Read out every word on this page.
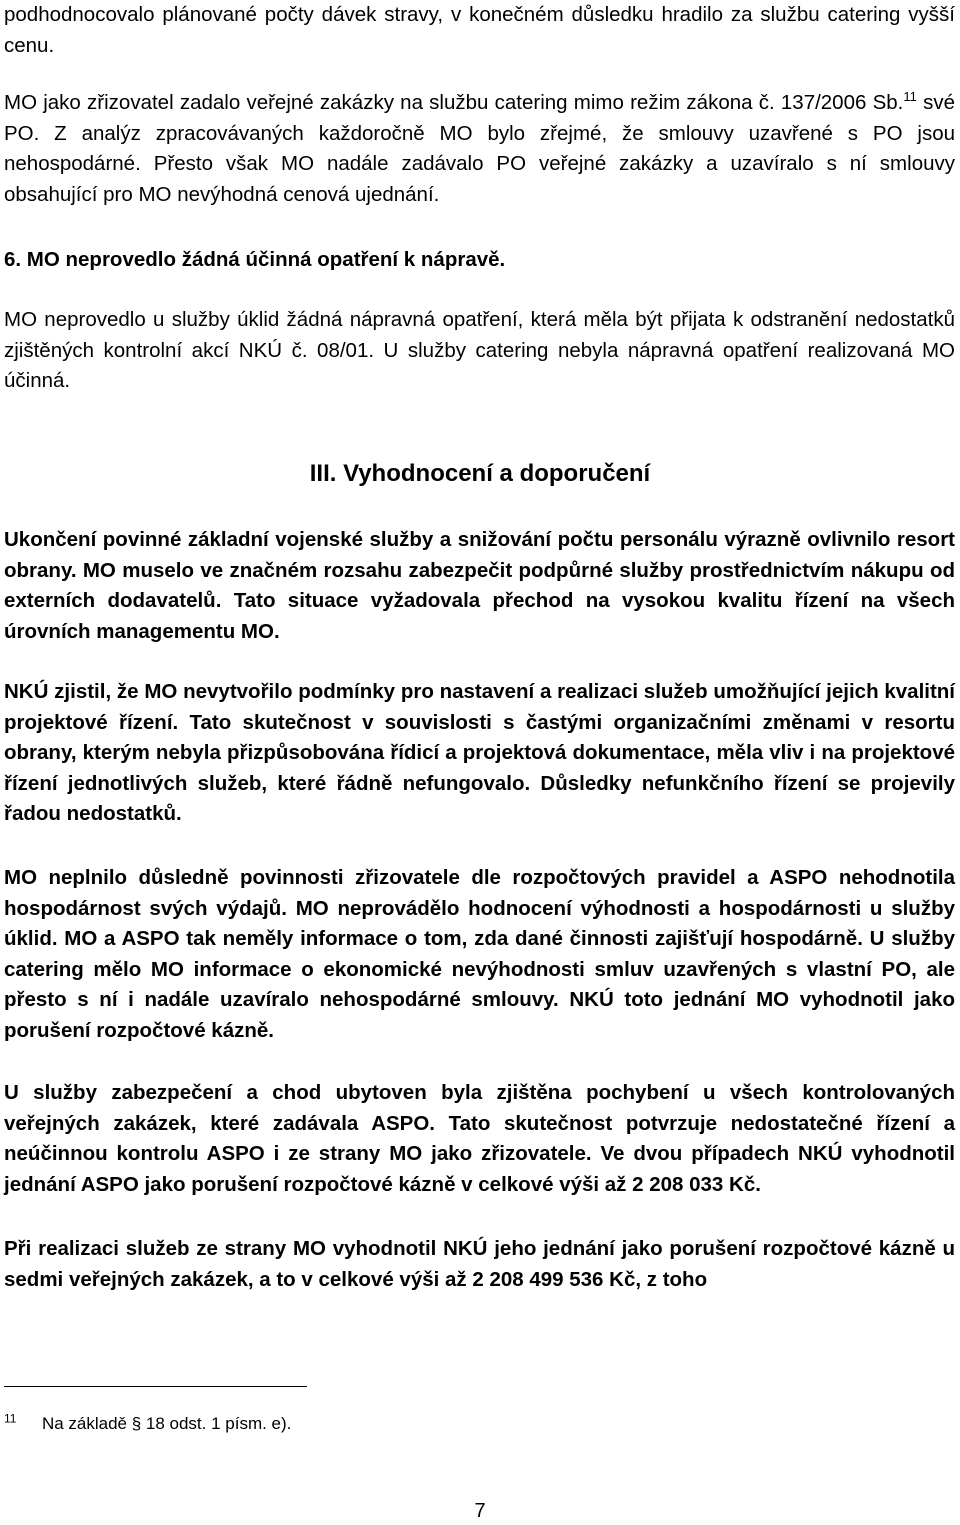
podhodnocovalo plánované počty dávek stravy, v konečném důsledku hradilo za službu catering vyšší cenu.

MO jako zřizovatel zadalo veřejné zakázky na službu catering mimo režim zákona č. 137/2006 Sb.$^{11}$ své PO. Z analýz zpracovávaných každoročně MO bylo zřejmé, že smlouvy uzavřené s PO jsou nehospodárné. Přesto však MO nadále zadávalo PO veřejné zakázky a uzavíralo s ní smlouvy obsahující pro MO nevýhodná cenová ujednání.

6. MO neprovedlo žádná účinná opatření k nápravě.

MO neprovedlo u služby úklid žádná nápravná opatření, která měla být přijata k odstranění nedostatků zjištěných kontrolní akcí NKÚ č. 08/01. U služby catering nebyla nápravná opatření realizovaná MO účinná.

III. Vyhodnocení a doporučení

Ukončení povinné základní vojenské služby a snižování počtu personálu výrazně ovlivnilo resort obrany. MO muselo ve značném rozsahu zabezpečit podpůrné služby prostřednictvím nákupu od externích dodavatelů. Tato situace vyžadovala přechod na vysokou kvalitu řízení na všech úrovních managementu MO.

NKÚ zjistil, že MO nevytvořilo podmínky pro nastavení a realizaci služeb umožňující jejich kvalitní projektové řízení. Tato skutečnost v souvislosti s častými organizačními změnami v resortu obrany, kterým nebyla přizpůsobována řídicí a projektová dokumentace, měla vliv i na projektové řízení jednotlivých služeb, které řádně nefungovalo. Důsledky nefunkčního řízení se projevily řadou nedostatků.

MO neplnilo důsledně povinnosti zřizovatele dle rozpočtových pravidel a ASPO nehodnotila hospodárnost svých výdajů. MO neprovádělo hodnocení výhodnosti a hospodárnosti u služby úklid. MO a ASPO tak neměly informace o tom, zda dané činnosti zajišťují hospodárně. U služby catering mělo MO informace o ekonomické nevýhodnosti smluv uzavřených s vlastní PO, ale přesto s ní i nadále uzavíralo nehospodárné smlouvy. NKÚ toto jednání MO vyhodnotil jako porušení rozpočtové kázně.

U služby zabezpečení a chod ubytoven byla zjištěna pochybení u všech kontrolovaných veřejných zakázek, které zadávala ASPO. Tato skutečnost potvrzuje nedostatečné řízení a neúčinnou kontrolu ASPO i ze strany MO jako zřizovatele. Ve dvou případech NKÚ vyhodnotil jednání ASPO jako porušení rozpočtové kázně v celkové výši až 2 208 033 Kč.

Při realizaci služeb ze strany MO vyhodnotil NKÚ jeho jednání jako porušení rozpočtové kázně u sedmi veřejných zakázek, a to v celkové výši až 2 208 499 536 Kč, z toho

$^{11}$ Na základě § 18 odst. 1 písm. e).
7
